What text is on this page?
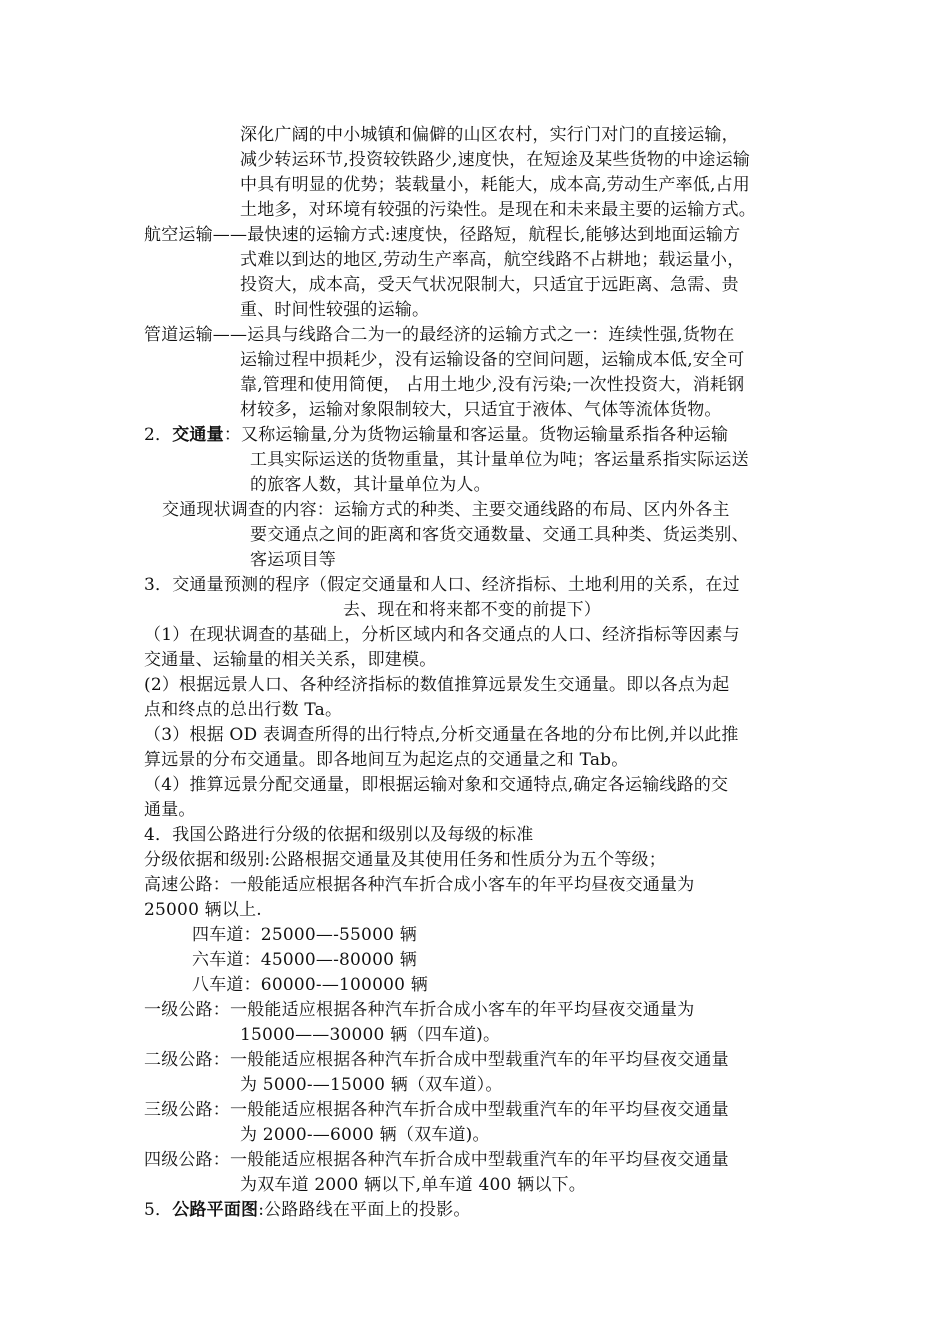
深化广阔的中小城镇和偏僻的山区农村，实行门对门的直接运输，
减少转运环节,投资较铁路少,速度快，在短途及某些货物的中途运输
中具有明显的优势；装载量小，耗能大，成本高,劳动生产率低,占用
土地多，对环境有较强的污染性。是现在和未来最主要的运输方式。
航空运输——最快速的运输方式:速度快，径路短，航程长,能够达到地面运输方
式难以到达的地区,劳动生产率高，航空线路不占耕地；载运量小，
投资大，成本高，受天气状况限制大，只适宜于远距离、急需、贵
重、时间性较强的运输。
管道运输——运具与线路合二为一的最经济的运输方式之一：连续性强,货物在
运输过程中损耗少，没有运输设备的空间问题，运输成本低,安全可
靠,管理和使用简便， 占用土地少,没有污染;一次性投资大，消耗钢
材较多，运输对象限制较大，只适宜于液体、气体等流体货物。
2．交通量：又称运输量,分为货物运输量和客运量。货物运输量系指各种运输
工具实际运送的货物重量，其计量单位为吨；客运量系指实际运送
的旅客人数，其计量单位为人。
交通现状调查的内容：运输方式的种类、主要交通线路的布局、区内外各主
要交通点之间的距离和客货交通数量、交通工具种类、货运类别、
客运项目等
3．交通量预测的程序（假定交通量和人口、经济指标、土地利用的关系，在过
去、现在和将来都不变的前提下）
（1）在现状调查的基础上，分析区域内和各交通点的人口、经济指标等因素与
交通量、运输量的相关关系，即建模。
(2）根据远景人口、各种经济指标的数值推算远景发生交通量。即以各点为起
点和终点的总出行数 Ta。
（3）根据 OD 表调查所得的出行特点,分析交通量在各地的分布比例,并以此推
算远景的分布交通量。即各地间互为起迄点的交通量之和 Tab。
（4）推算远景分配交通量，即根据运输对象和交通特点,确定各运输线路的交
通量。
4．我国公路进行分级的依据和级别以及每级的标准
分级依据和级别:公路根据交通量及其使用任务和性质分为五个等级；
高速公路：一般能适应根据各种汽车折合成小客车的年平均昼夜交通量为
25000 辆以上.
四车道：25000—-55000 辆
六车道：45000—-80000 辆
八车道：60000-—100000 辆
一级公路：一般能适应根据各种汽车折合成小客车的年平均昼夜交通量为
15000——30000 辆（四车道)。
二级公路：一般能适应根据各种汽车折合成中型载重汽车的年平均昼夜交通量
为 5000-—15000 辆（双车道）。
三级公路：一般能适应根据各种汽车折合成中型载重汽车的年平均昼夜交通量
为 2000-—6000 辆（双车道)。
四级公路：一般能适应根据各种汽车折合成中型载重汽车的年平均昼夜交通量
为双车道 2000 辆以下,单车道 400 辆以下。
5．公路平面图:公路路线在平面上的投影。
